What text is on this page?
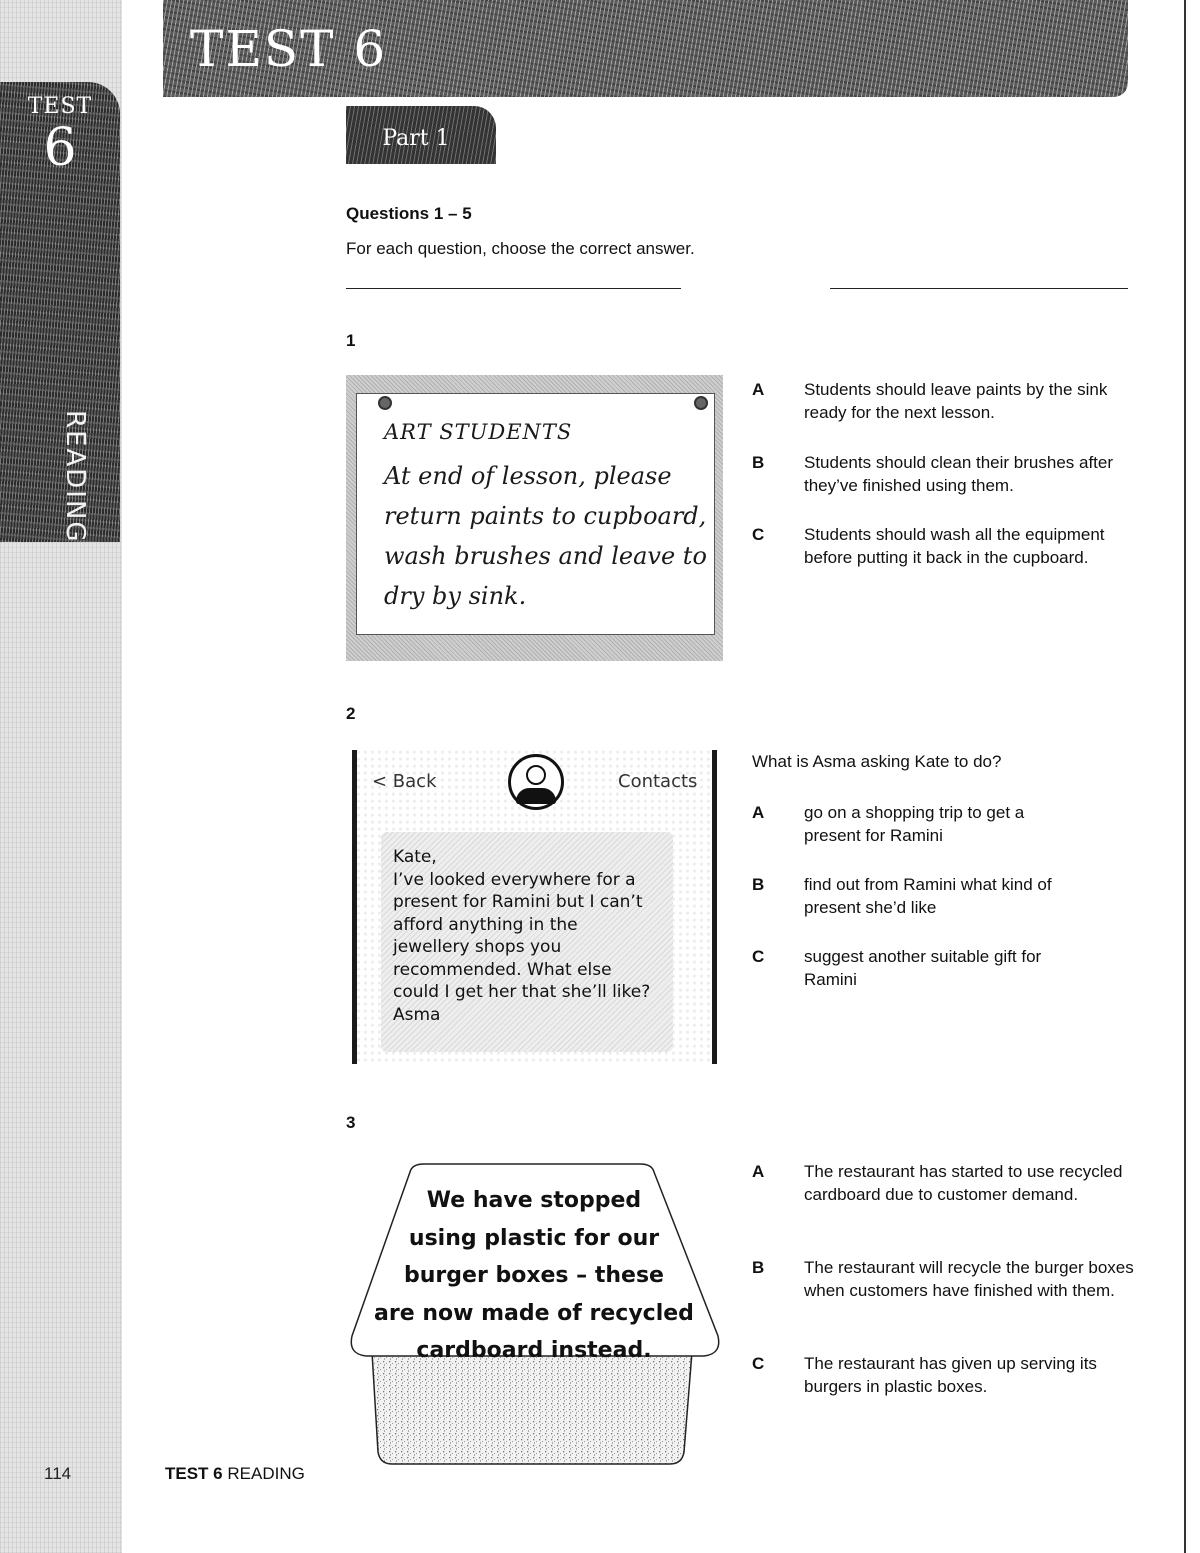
TEST
6
READING
TEST 6
Part 1
Questions 1 – 5
For each question, choose the correct answer.
1
ART STUDENTS
At end of lesson, please
return paints to cupboard,
wash brushes and leave to
dry by sink.
A Students should leave paints by the sink ready for the next lesson.
B Students should clean their brushes after they’ve finished using them.
C Students should wash all the equipment before putting it back in the cupboard.
2
< Back	Contacts
Kate,
I’ve looked everywhere for a
present for Ramini but I can’t
afford anything in the
jewellery shops you
recommended. What else
could I get her that she’ll like?
Asma
What is Asma asking Kate to do?
A go on a shopping trip to get a present for Ramini
B find out from Ramini what kind of present she’d like
C suggest another suitable gift for Ramini
3
We have stopped
using plastic for our
burger boxes – these
are now made of recycled
cardboard instead.
A The restaurant has started to use recycled cardboard due to customer demand.
B The restaurant will recycle the burger boxes when customers have finished with them.
C The restaurant has given up serving its burgers in plastic boxes.
114	TEST 6 READING
